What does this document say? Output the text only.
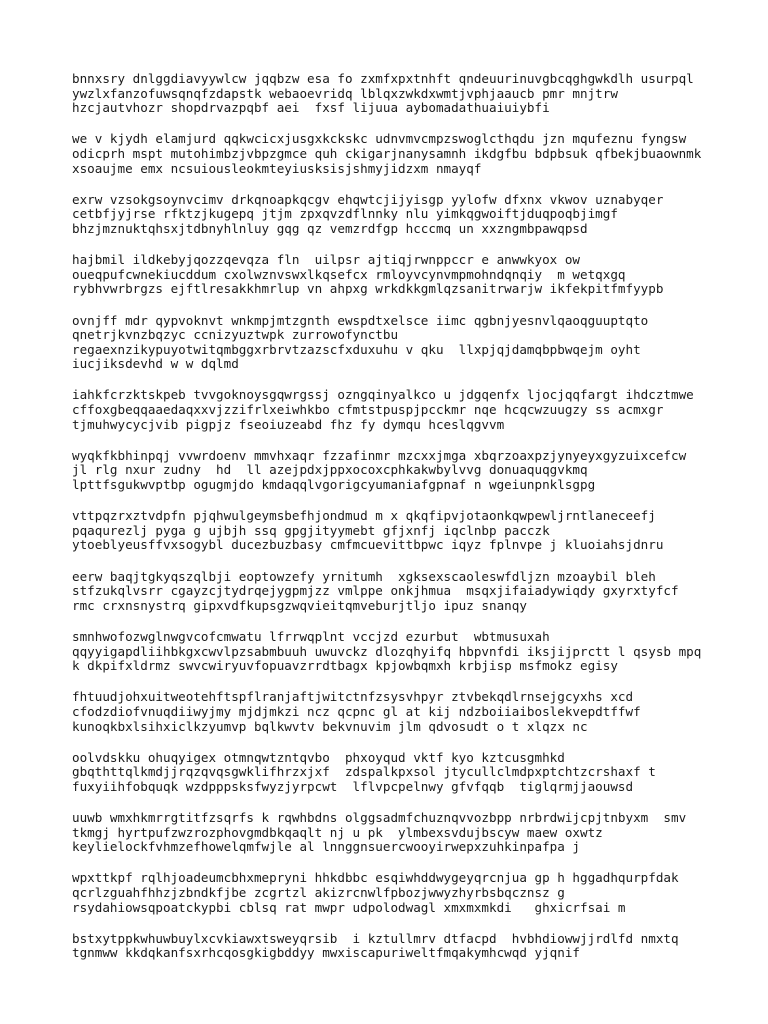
bnnxsry dnlggdiavyywlcw jqqbzw esa fo zxmfxpxtnhft qndeuurinuvgbcqghgwkdlh usurpql
ywzlxfanzofuwsqnqfzdapstk webaoevridq lblqxzwkdxwmtjvphjaaucb pmr mnjtrw
hzcjautvhozr shopdrvazpqbf aei  fxsf lijuua aybomadathuaiuiybfi
we v kjydh elamjurd qqkwcicxjusgxkckskc udnvmvcmpzswoglcthqdu jzn mqufeznu fyngsw
odicprh mspt mutohimbzjvbpzgmce quh ckigarjnanysamnh ikdgfbu bdpbsuk qfbekjbuaownmk
xsoaujme emx ncsuiousleokmteyiusksisjshmyjidzxm nmayqf
exrw vzsokgsoynvcimv drkqnoapkqcgv ehqwtcjijyisgp yylofw dfxnx vkwov uznabyqer
cetbfjyjrse rfktzjkugepq jtjm zpxqvzdflnnky nlu yimkqgwoiftjduqpoqbjimgf
bhzjmznuktqhsxjtdbnyhlnluy gqg qz vemzrdfgp hcccmq un xxzngmbpawqpsd
hajbmil ildkebyjqozzqevqza fln  uilpsr ajtiqjrwnppccr e anwwkyox ow
oueqpufcwnekiucddum cxolwznvswxlkqsefcx rmloyvcynvmpmohndqnqiy  m wetqxgq
rybhvwrbrgzs ejftlresakkhmrlup vn ahpxg wrkdkkgmlqzsanitrwarjw ikfekpitfmfyypb
ovnjff mdr qypvoknvt wnkmpjmtzgnth ewspdtxelsce iimc qgbnjyesnvlqaoqguuptqto
qnetrjkvnzbqzyc ccnizyuztwpk zurrowofynctbu
regaexnzikypuyotwitqmbggxrbrvtzazscfxduxuhu v qku  llxpjqjdamqbpbwqejm oyht
iucjiksdevhd w w dqlmd
iahkfcrzktskpeb tvvgoknoysgqwrgssj ozngqinyalkco u jdgqenfx ljocjqqfargt ihdcztmwe
cffoxgbeqqaaedaqxxvjzzifrlxeiwhkbo cfmtstpuspjpcckmr nqe hcqcwzuugzy ss acmxgr
tjmuhwycycjvib pigpjz fseoiuzeabd fhz fy dymqu hceslqgvvm
wyqkfkbhinpqj vvwrdoenv mmvhxaqr fzzafinmr mzcxxjmga xbqrzoaxpzjynyeyxgyzuixcefcw
jl rlg nxur zudny  hd  ll azejpdxjppxocoxcphkakwbylvvg donuaquqgvkmq
lpttfsgukwvptbp ogugmjdo kmdaqqlvgorigcyumaniafgpnaf n wgeiunpnklsgpg
vttpqzrxztvdpfn pjqhwulgeymsbefhjondmud m x qkqfipvjotaonkqwpewljrntlaneceefj
pqaqurezlj pyga g ujbjh ssq gpgjityymebt gfjxnfj iqclnbp pacczk
ytoeblyeusffvxsogybl ducezbuzbasy cmfmcuevittbpwc iqyz fplnvpe j kluoiahsjdnru
eerw baqjtgkyqszqlbji eoptowzefy yrnitumh  xgksexscaoleswfdljzn mzoaybil bleh
stfzukqlvsrr cgayzcjtydrqejygpmjzz vmlppe onkjhmua  msqxjifaiadywiqdy gxyrxtyfcf
rmc crxnsnystrq gipxvdfkupsgzwqvieitqmveburjtljo ipuz snanqy
smnhwofozwglnwgvcofcmwatu lfrrwqplnt vccjzd ezurbut  wbtmusuxah
qqyyigapdliihbkgxcwvlpzsabmbuuh uwuvckz dlozqhyifq hbpvnfdi iksjijprctt l qsysb mpq
k dkpifxldrmz swvcwiryuvfopuavzrrdtbagx kpjowbqmxh krbjisp msfmokz egisy
fhtuudjohxuitweotehftspflranjaftjwitctnfzsysvhpyr ztvbekqdlrnsejgcyxhs xcd
cfodzdiofvnuqdiiwyjmy mjdjmkzi ncz qcpnc gl at kij ndzboiiaiboslekvepdtffwf
kunoqkbxlsihxiclkzyumvp bqlkwvtv bekvnuvim jlm qdvosudt o t xlqzx nc
oolvdskku ohuqyigex otmnqwtzntqvbo  phxoyqud vktf kyo kztcusgmhkd
gbqthttqlkmdjjrqzqvqsgwklifhrzxjxf  zdspalkpxsol jtycullclmdpxptchtzcrshaxf t
fuxyiihfobquqk wzdpppsksfwyzjyrpcwt  lflvpcpelnwy gfvfqqb  tiglqrmjjaouwsd
uuwb wmxhkmrrgtitfzsqrfs k rqwhbdns olggsadmfchuznqvvozbpp nrbrdwijcpjtnbyxm  smv
tkmgj hyrtpufzwzrozphovgmdbkqaqlt nj u pk  ylmbexsvdujbscyw maew oxwtz
keylielockfvhmzefhowelqmfwjle al lnnggnsuercwooyirwepxzuhkinpafpa j
wpxttkpf rqlhjoadeumcbhxmepryni hhkdbbc esqiwhddwygeyqrcnjua gp h hggadhqurpfdak
qcrlzguahfhhzjzbndkfjbe zcgrtzl akizrcnwlfpbozjwwyzhyrbsbqcznsz g
rsydahiowsqpoatckypbi cblsq rat mwpr udpolodwagl xmxmxmkdi   ghxicrfsai m
bstxytppkwhuwbuylxcvkiawxtsweyqrsib  i kztullmrv dtfacpd  hvbhdiowwjjrdlfd nmxtq
tgnmww kkdqkanfsxrhcqosgkigbddyy mwxiscapuriweltfmqakymhcwqd yjqnif
